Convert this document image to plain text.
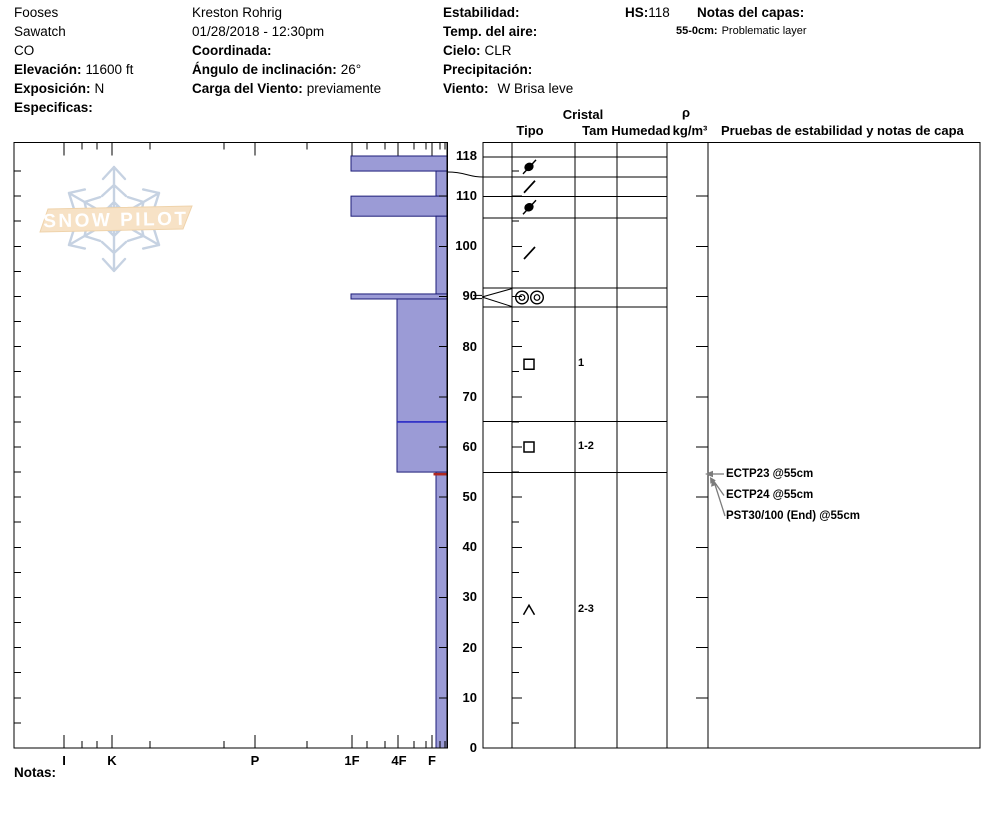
Fooses
Sawatch
CO
Elevación: 11600 ft
Exposición: N
Especificas:
Kreston Rohrig
01/28/2018 - 12:30pm
Coordinada:
Ángulo de inclinación: 26°
Carga del Viento: previamente
Estabilidad:
Temp. del aire:
Cielo: CLR
Precipitación:
Viento: W Brisa leve
HS:118 Notas del capas:
55-0cm: Problematic layer
Cristal	ρ
Tipo	Tam Humedad kg/m³	Pruebas de estabilidad y notas de capa
SNOW PILOT
Notas:
1
1-2
2-3
118
110
100
90
80
70
60
50
40
30
20
10
0
I	K	P	1F	4F	F
ECTP23 @55cm
ECTP24 @55cm
PST30/100 (End) @55cm
